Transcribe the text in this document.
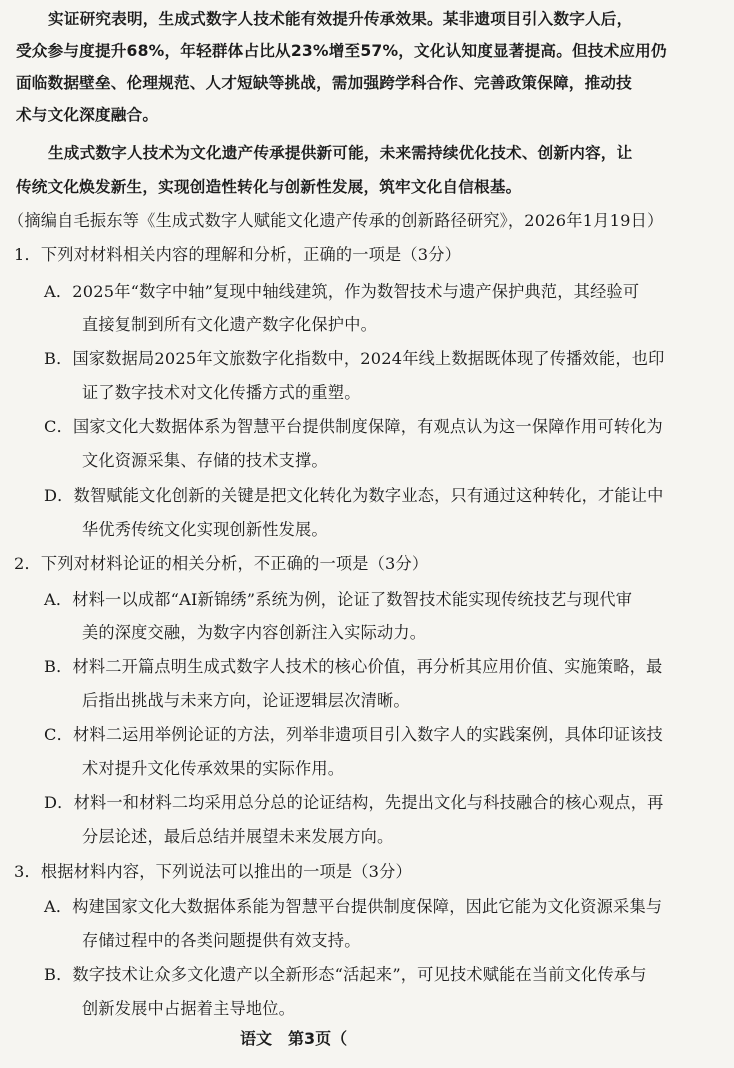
实证研究表明，生成式数字人技术能有效提升传承效果。某非遗项目引入数字人后，
受众参与度提升68%，年轻群体占比从23%增至57%，文化认知度显著提高。但技术应用仍
面临数据壁垒、伦理规范、人才短缺等挑战，需加强跨学科合作、完善政策保障，推动技
术与文化深度融合。
生成式数字人技术为文化遗产传承提供新可能，未来需持续优化技术、创新内容，让
传统文化焕发新生，实现创造性转化与创新性发展，筑牢文化自信根基。
（摘编自毛振东等《生成式数字人赋能文化遗产传承的创新路径研究》，2026年1月19日）
1．下列对材料相关内容的理解和分析，正确的一项是（3分）
A．2025年“数字中轴”复现中轴线建筑，作为数智技术与遗产保护典范，其经验可
直接复制到所有文化遗产数字化保护中。
B．国家数据局2025年文旅数字化指数中，2024年线上数据既体现了传播效能，也印
证了数字技术对文化传播方式的重塑。
C．国家文化大数据体系为智慧平台提供制度保障，有观点认为这一保障作用可转化为
文化资源采集、存储的技术支撑。
D．数智赋能文化创新的关键是把文化转化为数字业态，只有通过这种转化，才能让中
华优秀传统文化实现创新性发展。
2．下列对材料论证的相关分析，不正确的一项是（3分）
A．材料一以成都“AI新锦绣”系统为例，论证了数智技术能实现传统技艺与现代审
美的深度交融，为数字内容创新注入实际动力。
B．材料二开篇点明生成式数字人技术的核心价值，再分析其应用价值、实施策略，最
后指出挑战与未来方向，论证逻辑层次清晰。
C．材料二运用举例论证的方法，列举非遗项目引入数字人的实践案例，具体印证该技
术对提升文化传承效果的实际作用。
D．材料一和材料二均采用总分总的论证结构，先提出文化与科技融合的核心观点，再
分层论述，最后总结并展望未来发展方向。
3．根据材料内容，下列说法可以推出的一项是（3分）
A．构建国家文化大数据体系能为智慧平台提供制度保障，因此它能为文化资源采集与
存储过程中的各类问题提供有效支持。
B．数字技术让众多文化遗产以全新形态“活起来”，可见技术赋能在当前文化传承与
创新发展中占据着主导地位。
语文　第3页（
